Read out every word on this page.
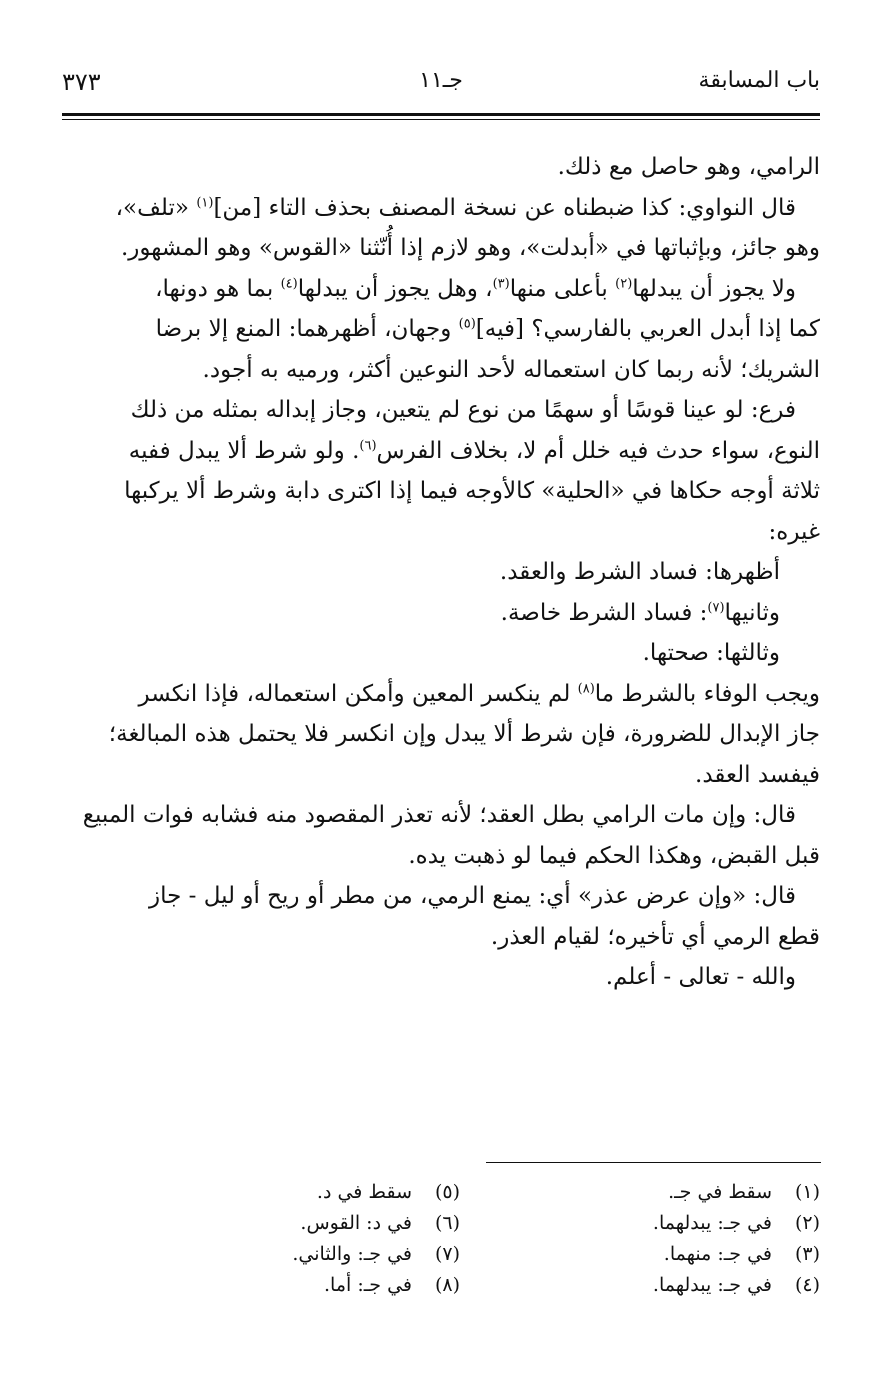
باب المسابقة
جـ١١
٣٧٣

الرامي، وهو حاصل مع ذلك.

قال النواوي: كذا ضبطناه عن نسخة المصنف بحذف التاء [من]$^{(١)}$ «تلف»،

وهو جائز، وبإثباتها في «أبدلت»، وهو لازم إذا أُنّثنا «القوس» وهو المشهور.

ولا يجوز أن يبدلها$^{(٢)}$ بأعلى منها$^{(٣)}$، وهل يجوز أن يبدلها$^{(٤)}$ بما هو دونها،

كما إذا أبدل العربي بالفارسي؟ [فيه]$^{(٥)}$ وجهان، أظهرهما: المنع إلا برضا

الشريك؛ لأنه ربما كان استعماله لأحد النوعين أكثر، ورميه به أجود.

فرع: لو عينا قوسًا أو سهمًا من نوع لم يتعين، وجاز إبداله بمثله من ذلك

النوع، سواء حدث فيه خلل أم لا، بخلاف الفرس$^{(٦)}$. ولو شرط ألا يبدل ففيه

ثلاثة أوجه حكاها في «الحلية» كالأوجه فيما إذا اكترى دابة وشرط ألا يركبها

غيره:

أظهرها: فساد الشرط والعقد.

وثانيها$^{(٧)}$: فساد الشرط خاصة.

وثالثها: صحتها.

ويجب الوفاء بالشرط ما$^{(٨)}$ لم ينكسر المعين وأمكن استعماله، فإذا انكسر

جاز الإبدال للضرورة، فإن شرط ألا يبدل وإن انكسر فلا يحتمل هذه المبالغة؛

فيفسد العقد.

قال: وإن مات الرامي بطل العقد؛ لأنه تعذر المقصود منه فشابه فوات المبيع

قبل القبض، وهكذا الحكم فيما لو ذهبت يده.

قال: «وإن عرض عذر» أي: يمنع الرمي، من مطر أو ريح أو ليل - جاز

قطع الرمي أي تأخيره؛ لقيام العذر.

والله - تعالى - أعلم.

(١)سقط في جـ.
(٢)في جـ: يبدلهما.
(٣)في جـ: منهما.
(٤)في جـ: يبدلهما.
(٥)سقط في د.
(٦)في د: القوس.
(٧)في جـ: والثاني.
(٨)في جـ: أما.
